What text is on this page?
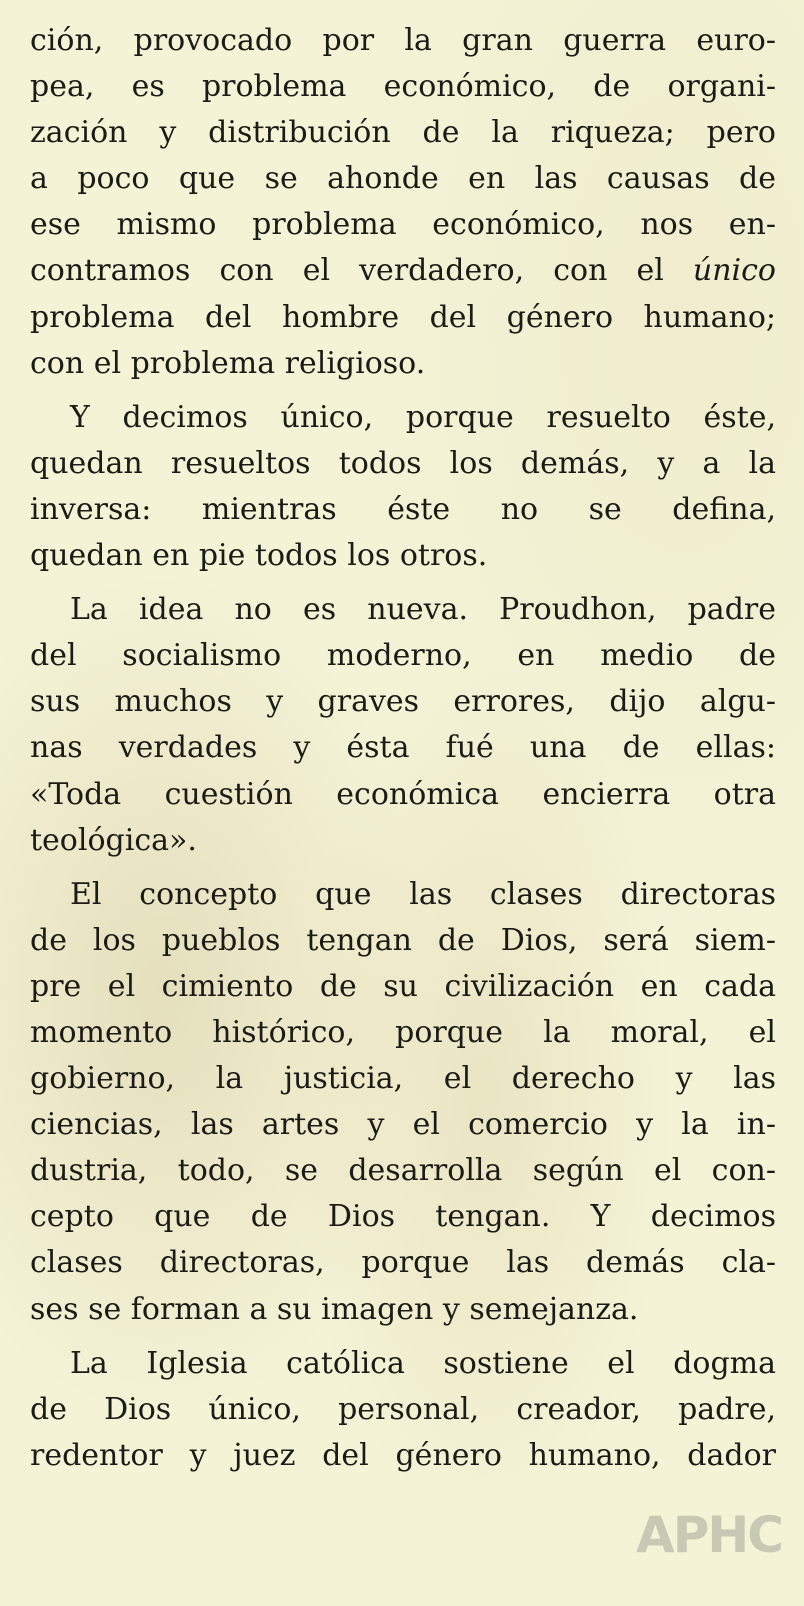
ción, provocado por la gran guerra euro-
pea, es problema económico, de organi-
zación y distribución de la riqueza; pero
a poco que se ahonde en las causas de
ese mismo problema económico, nos en-
contramos con el verdadero, con el único
problema del hombre del género humano;
con el problema religioso.
Y decimos único, porque resuelto éste,
quedan resueltos todos los demás, y a la
inversa: mientras éste no se defina,
quedan en pie todos los otros.
La idea no es nueva. Proudhon, padre
del socialismo moderno, en medio de
sus muchos y graves errores, dijo algu-
nas verdades y ésta fué una de ellas:
«Toda cuestión económica encierra otra
teológica».
El concepto que las clases directoras
de los pueblos tengan de Dios, será siem-
pre el cimiento de su civilización en cada
momento histórico, porque la moral, el
gobierno, la justicia, el derecho y las
ciencias, las artes y el comercio y la in-
dustria, todo, se desarrolla según el con-
cepto que de Dios tengan. Y decimos
clases directoras, porque las demás cla-
ses se forman a su imagen y semejanza.
La Iglesia católica sostiene el dogma
de Dios único, personal, creador, padre,
redentor y juez del género humano, dador
APHC
